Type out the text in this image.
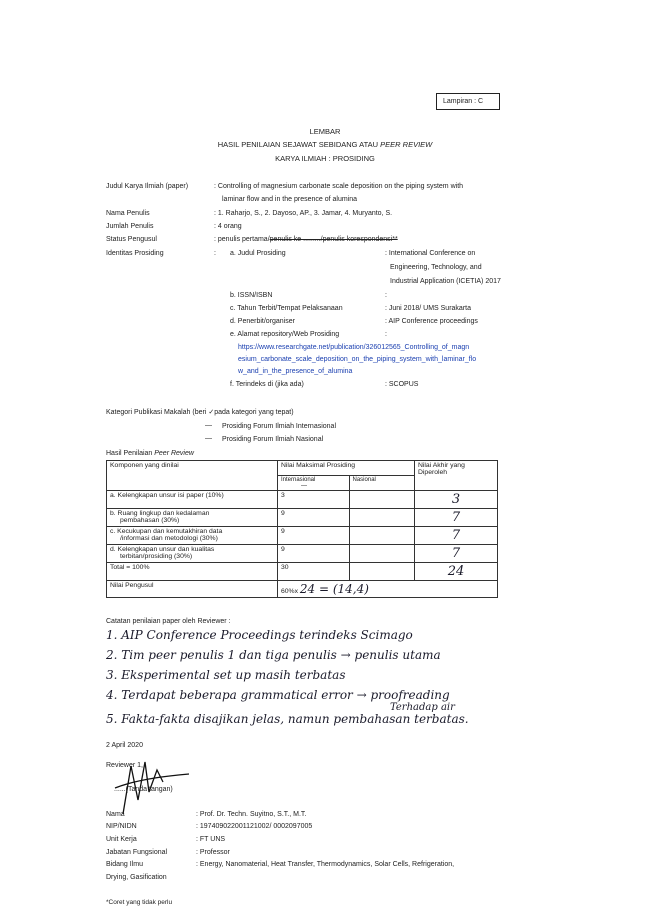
Lampiran : C
LEMBAR
HASIL PENILAIAN SEJAWAT SEBIDANG ATAU PEER REVIEW
KARYA ILMIAH : PROSIDING
Judul Karya Ilmiah (paper)	: Controlling of magnesium carbonate scale deposition on the piping system with
laminar flow and in the presence of alumina
Nama Penulis	: 1. Raharjo, S., 2. Dayoso, AP., 3. Jamar, 4. Muryanto, S.
Jumlah Penulis	: 4 orang
Status Pengusul	: penulis pertama/penulis ke ........./penulis korespondensi**
Identitas Prosiding	: a. Judul Prosiding	: International Conference on
Engineering, Technology, and
Industrial Application (ICETIA) 2017
b. ISSN/ISBN	:
c. Tahun Terbit/Tempat Pelaksanaan	: Juni 2018/ UMS Surakarta
d. Penerbit/organiser	: AIP Conference proceedings
e. Alamat repository/Web Prosiding	:
https://www.researchgate.net/publication/326012565_Controlling_of_magn
esium_carbonate_scale_deposition_on_the_piping_system_with_laminar_flo
w_and_in_the_presence_of_alumina
f. Terindeks di (jika ada)	: SCOPUS
Kategori Publikasi Makalah (beri ✓pada kategori yang tepat)
— Prosiding Forum Ilmiah Internasional
— Prosiding Forum Ilmiah Nasional
Hasil Penilaian Peer Review
Komponen yang dinilai	Nilai Maksimal Prosiding		Nilai Akhir yang
Diperoleh

	Internasional
—	Nasional	
a. Kelengkapan unsur isi paper (10%)	3		3

b. Ruang lingkup dan kedalaman
pembahasan (30%)	9		7

c. Kecukupan dan kemutakhiran data
/informasi dan metodologi (30%)	9		7

d. Kelengkapan unsur dan kualitas
terbitan/prosiding (30%)	9		7
Total = 100%	30		24
Nilai Pengusul	60%x 24 = (14,4)		
Catatan penilaian paper oleh Reviewer :
1. AIP Conference Proceedings terindeks Scimago
2. Tim peer penulis 1 dan tiga penulis → penulis utama
3. Eksperimental set up masih terbatas
4. Terdapat beberapa grammatical error → proofreading
Terhadap air
5. Fakta-fakta disajikan jelas, namun pembahasan terbatas.
2 April 2020
Reviewer 1,
......(Tanda tangan)
Nama	: Prof. Dr. Techn. Suyitno, S.T., M.T.
NIP/NIDN	: 197409022001121002/ 0002097005
Unit Kerja	: FT UNS
Jabatan Fungsional	: Professor
Bidang Ilmu	: Energy, Nanomaterial, Heat Transfer, Thermodynamics, Solar Cells, Refrigeration,
Drying, Gasification
*Coret yang tidak perlu
